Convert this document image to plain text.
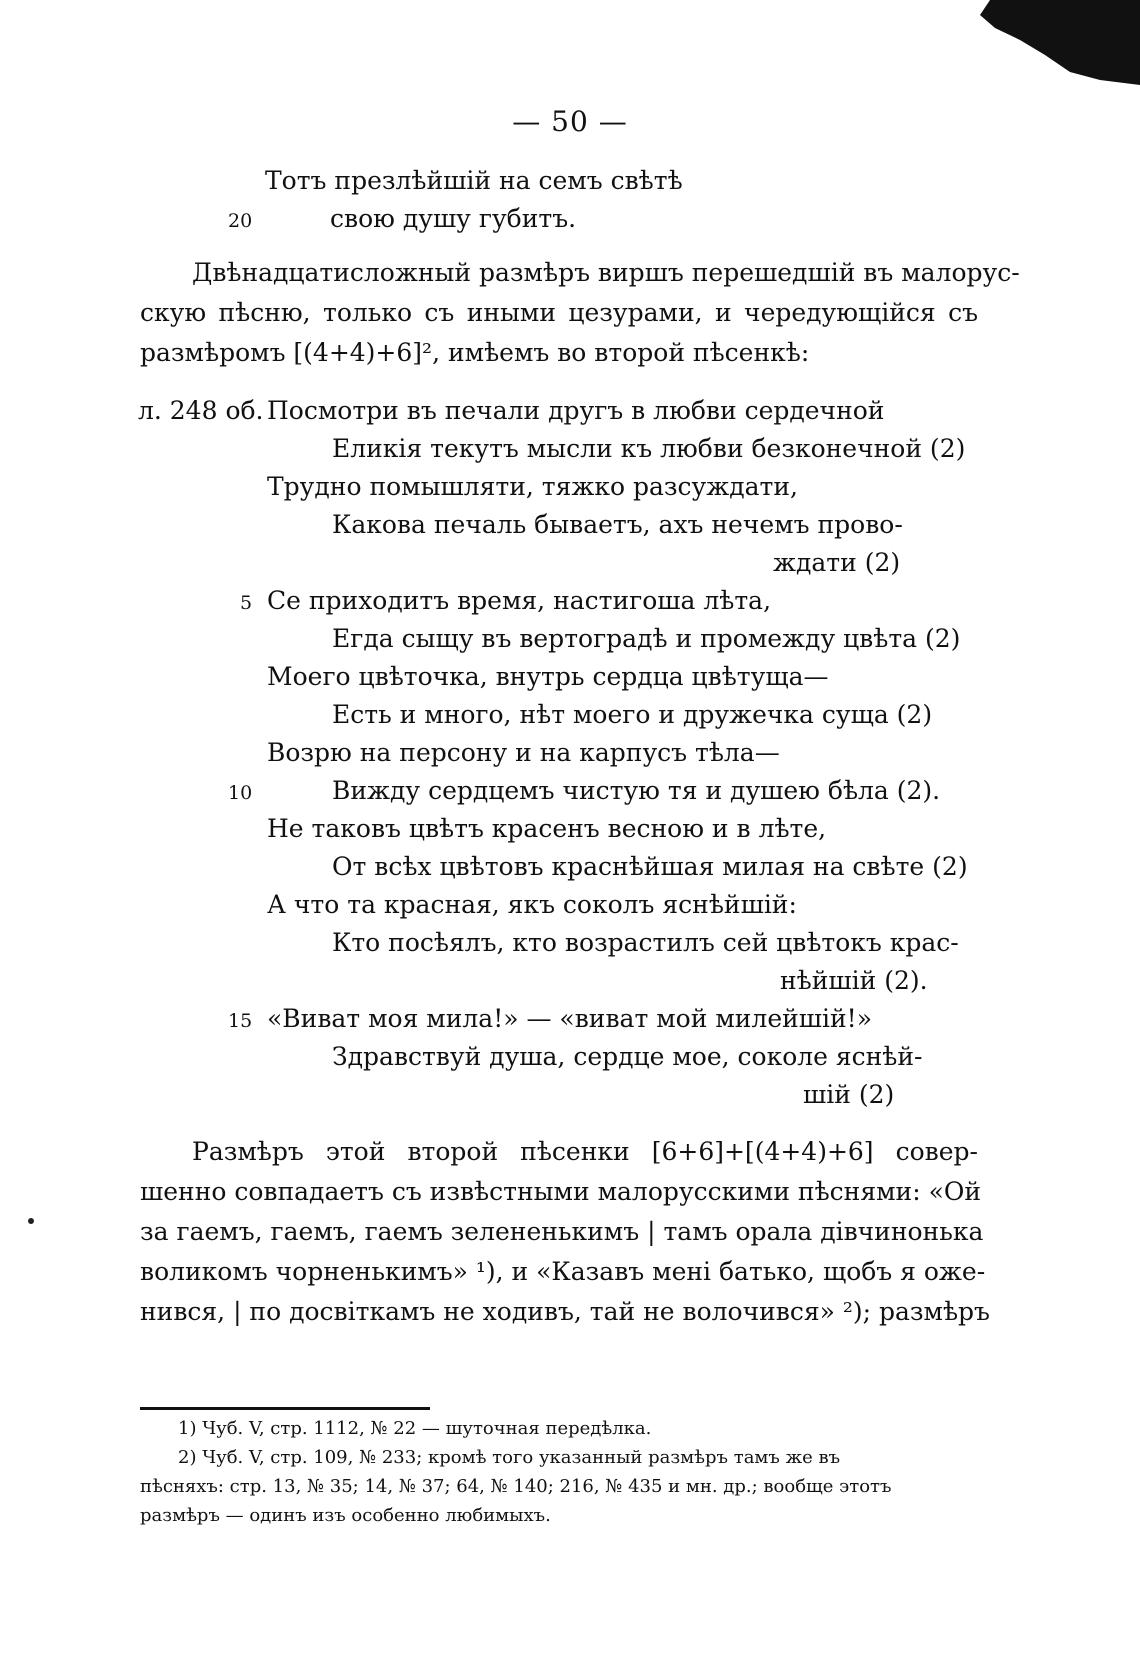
— 50 —
Тотъ презлѣйшій на семъ свѣтѣ
20	свою душу губитъ.
Двѣнадцатисложный размѣръ виршъ перешедшій въ малорус-
скую пѣсню, только съ иными цезурами, и чередующійся съ
размѣромъ [(4+4)+6]², имѣемъ во второй пѣсенкѣ:
л. 248 об. Посмотри въ печали другъ в любви сердечной
Еликія текутъ мысли къ любви безконечной (2)
Трудно помышляти, тяжко разсуждати,
Какова печаль бываетъ, ахъ нечемъ прово-
ждати (2)
5 Се приходитъ время, настигоша лѣта,
Егда сыщу въ вертоградѣ и промежду цвѣта (2)
Моего цвѣточка, внутрь сердца цвѣтуща—
Есть и много, нѣт моего и дружечка суща (2)
Возрю на персону и на карпусъ тѣла—
10	Вижду сердцемъ чистую тя и душею бѣла (2).
Не таковъ цвѣтъ красенъ весною и в лѣте,
От всѣх цвѣтовъ краснѣйшая милая на свѣте (2)
А что та красная, якъ соколъ яснѣйшій:
Кто посѣялъ, кто возрастилъ сей цвѣтокъ крас-
нѣйшій (2).
15 «Виват моя мила!» — «виват мой милейшій!»
Здравствуй душа, сердце мое, соколе яснѣй-
шій (2)
Размѣръ этой второй пѣсенки [6+6]+[(4+4)+6] совер-
шенно совпадаетъ съ извѣстными малорусскими пѣснями: «Ой
за гаемъ, гаемъ, гаемъ зелененькимъ | тамъ орала дівчинонька
воликомъ чорненькимъ» ¹), и «Казавъ мені батько, щобъ я оже-
нився, | по досвіткамъ не ходивъ, тай не волочився» ²); размѣръ
1) Чуб. V, стр. 1112, № 22 — шуточная передѣлка.
2) Чуб. V, стр. 109, № 233; кромѣ того указанный размѣръ тамъ же въ
пѣсняхъ: стр. 13, № 35; 14, № 37; 64, № 140; 216, № 435 и мн. др.; вообще этотъ
размѣръ — одинъ изъ особенно любимыхъ.
